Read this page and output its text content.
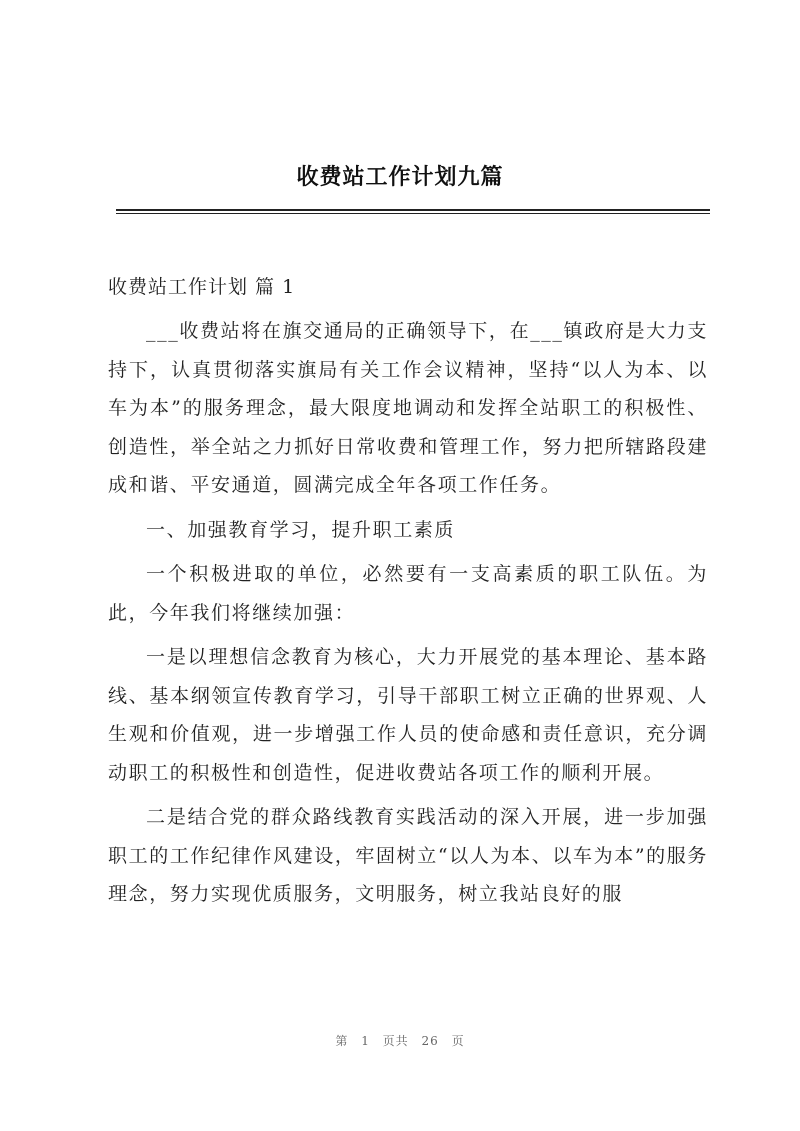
收费站工作计划九篇

收费站工作计划 篇 1

___收费站将在旗交通局的正确领导下，在___镇政府是大力支持下，认真贯彻落实旗局有关工作会议精神，坚持“以人为本、以车为本”的服务理念，最大限度地调动和发挥全站职工的积极性、创造性，举全站之力抓好日常收费和管理工作，努力把所辖路段建成和谐、平安通道，圆满完成全年各项工作任务。

一、加强教育学习，提升职工素质

一个积极进取的单位，必然要有一支高素质的职工队伍。为此，今年我们将继续加强：

一是以理想信念教育为核心，大力开展党的基本理论、基本路线、基本纲领宣传教育学习，引导干部职工树立正确的世界观、人生观和价值观，进一步增强工作人员的使命感和责任意识，充分调动职工的积极性和创造性，促进收费站各项工作的顺利开展。

二是结合党的群众路线教育实践活动的深入开展，进一步加强职工的工作纪律作风建设，牢固树立“以人为本、以车为本”的服务理念，努力实现优质服务，文明服务，树立我站良好的服

第 1 页共 26 页
